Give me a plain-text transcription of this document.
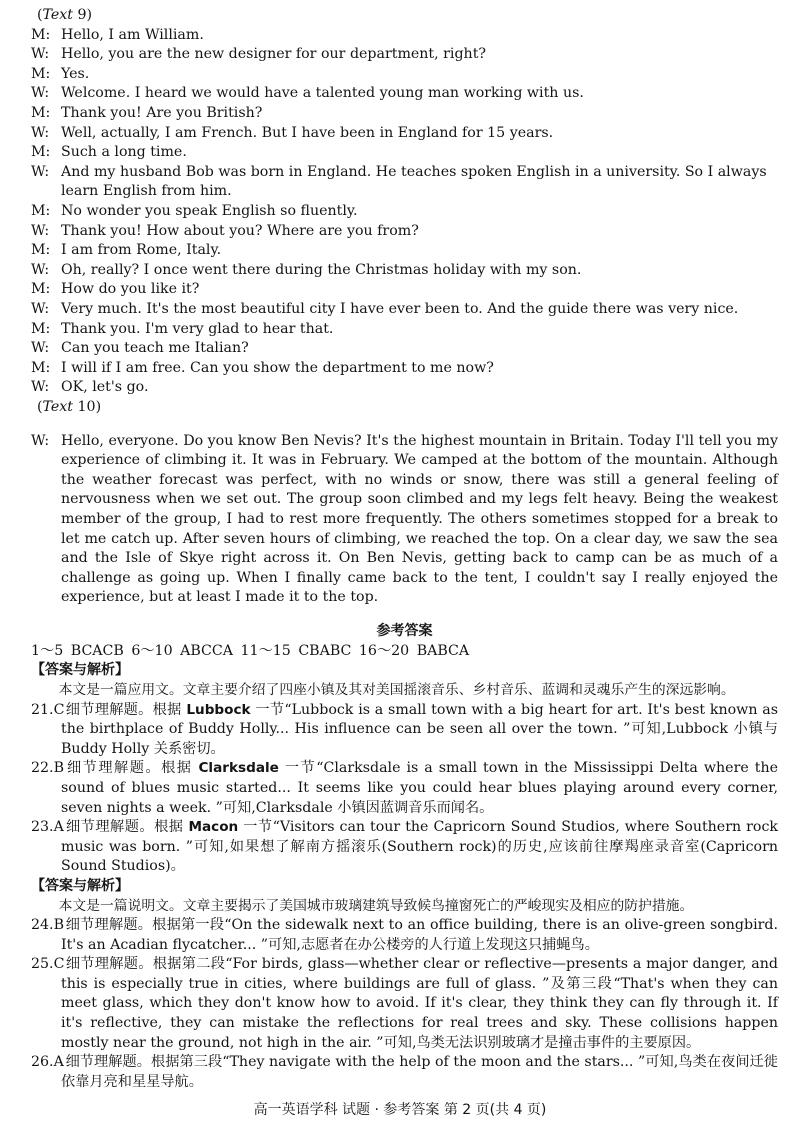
(Text 9)

M: Hello, I am William.

W: Hello, you are the new designer for our department, right?

M: Yes.

W: Welcome. I heard we would have a talented young man working with us.

M: Thank you! Are you British?

W: Well, actually, I am French. But I have been in England for 15 years.

M: Such a long time.

W: And my husband Bob was born in England. He teaches spoken English in a university. So I always learn English from him.

M: No wonder you speak English so fluently.

W: Thank you! How about you? Where are you from?

M: I am from Rome, Italy.

W: Oh, really? I once went there during the Christmas holiday with my son.

M: How do you like it?

W: Very much. It's the most beautiful city I have ever been to. And the guide there was very nice.

M: Thank you. I'm very glad to hear that.

W: Can you teach me Italian?

M: I will if I am free. Can you show the department to me now?

W: OK, let's go.

(Text 10)

W: Hello, everyone. Do you know Ben Nevis? It's the highest mountain in Britain. Today I'll tell you my experience of climbing it. It was in February. We camped at the bottom of the mountain. Although the weather forecast was perfect, with no winds or snow, there was still a general feeling of nervousness when we set out. The group soon climbed and my legs felt heavy. Being the weakest member of the group, I had to rest more frequently. The others sometimes stopped for a break to let me catch up. After seven hours of climbing, we reached the top. On a clear day, we saw the sea and the Isle of Skye right across it. On Ben Nevis, getting back to camp can be as much of a challenge as going up. When I finally came back to the tent, I couldn't say I really enjoyed the experience, but at least I made it to the top.

参考答案

1～5 BCACB 6～10 ABCCA 11～15 CBABC 16～20 BABCA

【答案与解析】

本文是一篇应用文。文章主要介绍了四座小镇及其对美国摇滚音乐、乡村音乐、蓝调和灵魂乐产生的深远影响。

21.C 细节理解题。根据 Lubbock 一节“Lubbock is a small town with a big heart for art. It's best known as the birthplace of Buddy Holly... His influence can be seen all over the town. ”可知,Lubbock 小镇与 Buddy Holly 关系密切。

22.B 细节理解题。根据 Clarksdale 一节“Clarksdale is a small town in the Mississippi Delta where the sound of blues music started... It seems like you could hear blues playing around every corner, seven nights a week. ”可知,Clarksdale 小镇因蓝调音乐而闻名。

23.A 细节理解题。根据 Macon 一节“Visitors can tour the Capricorn Sound Studios, where Southern rock music was born. ”可知,如果想了解南方摇滚乐(Southern rock)的历史,应该前往摩羯座录音室(Capricorn Sound Studios)。

【答案与解析】

本文是一篇说明文。文章主要揭示了美国城市玻璃建筑导致候鸟撞窗死亡的严峻现实及相应的防护措施。

24.B 细节理解题。根据第一段“On the sidewalk next to an office building, there is an olive-green songbird. It's an Acadian flycatcher... ”可知,志愿者在办公楼旁的人行道上发现这只捕蝇鸟。

25.C 细节理解题。根据第二段“For birds, glass—whether clear or reflective—presents a major danger, and this is especially true in cities, where buildings are full of glass. ”及第三段“That's when they can meet glass, which they don't know how to avoid. If it's clear, they think they can fly through it. If it's reflective, they can mistake the reflections for real trees and sky. These collisions happen mostly near the ground, not high in the air. ”可知,鸟类无法识别玻璃才是撞击事件的主要原因。

26.A 细节理解题。根据第三段“They navigate with the help of the moon and the stars... ”可知,鸟类在夜间迁徙依靠月亮和星星导航。

高一英语学科 试题 · 参考答案 第 2 页(共 4 页)
